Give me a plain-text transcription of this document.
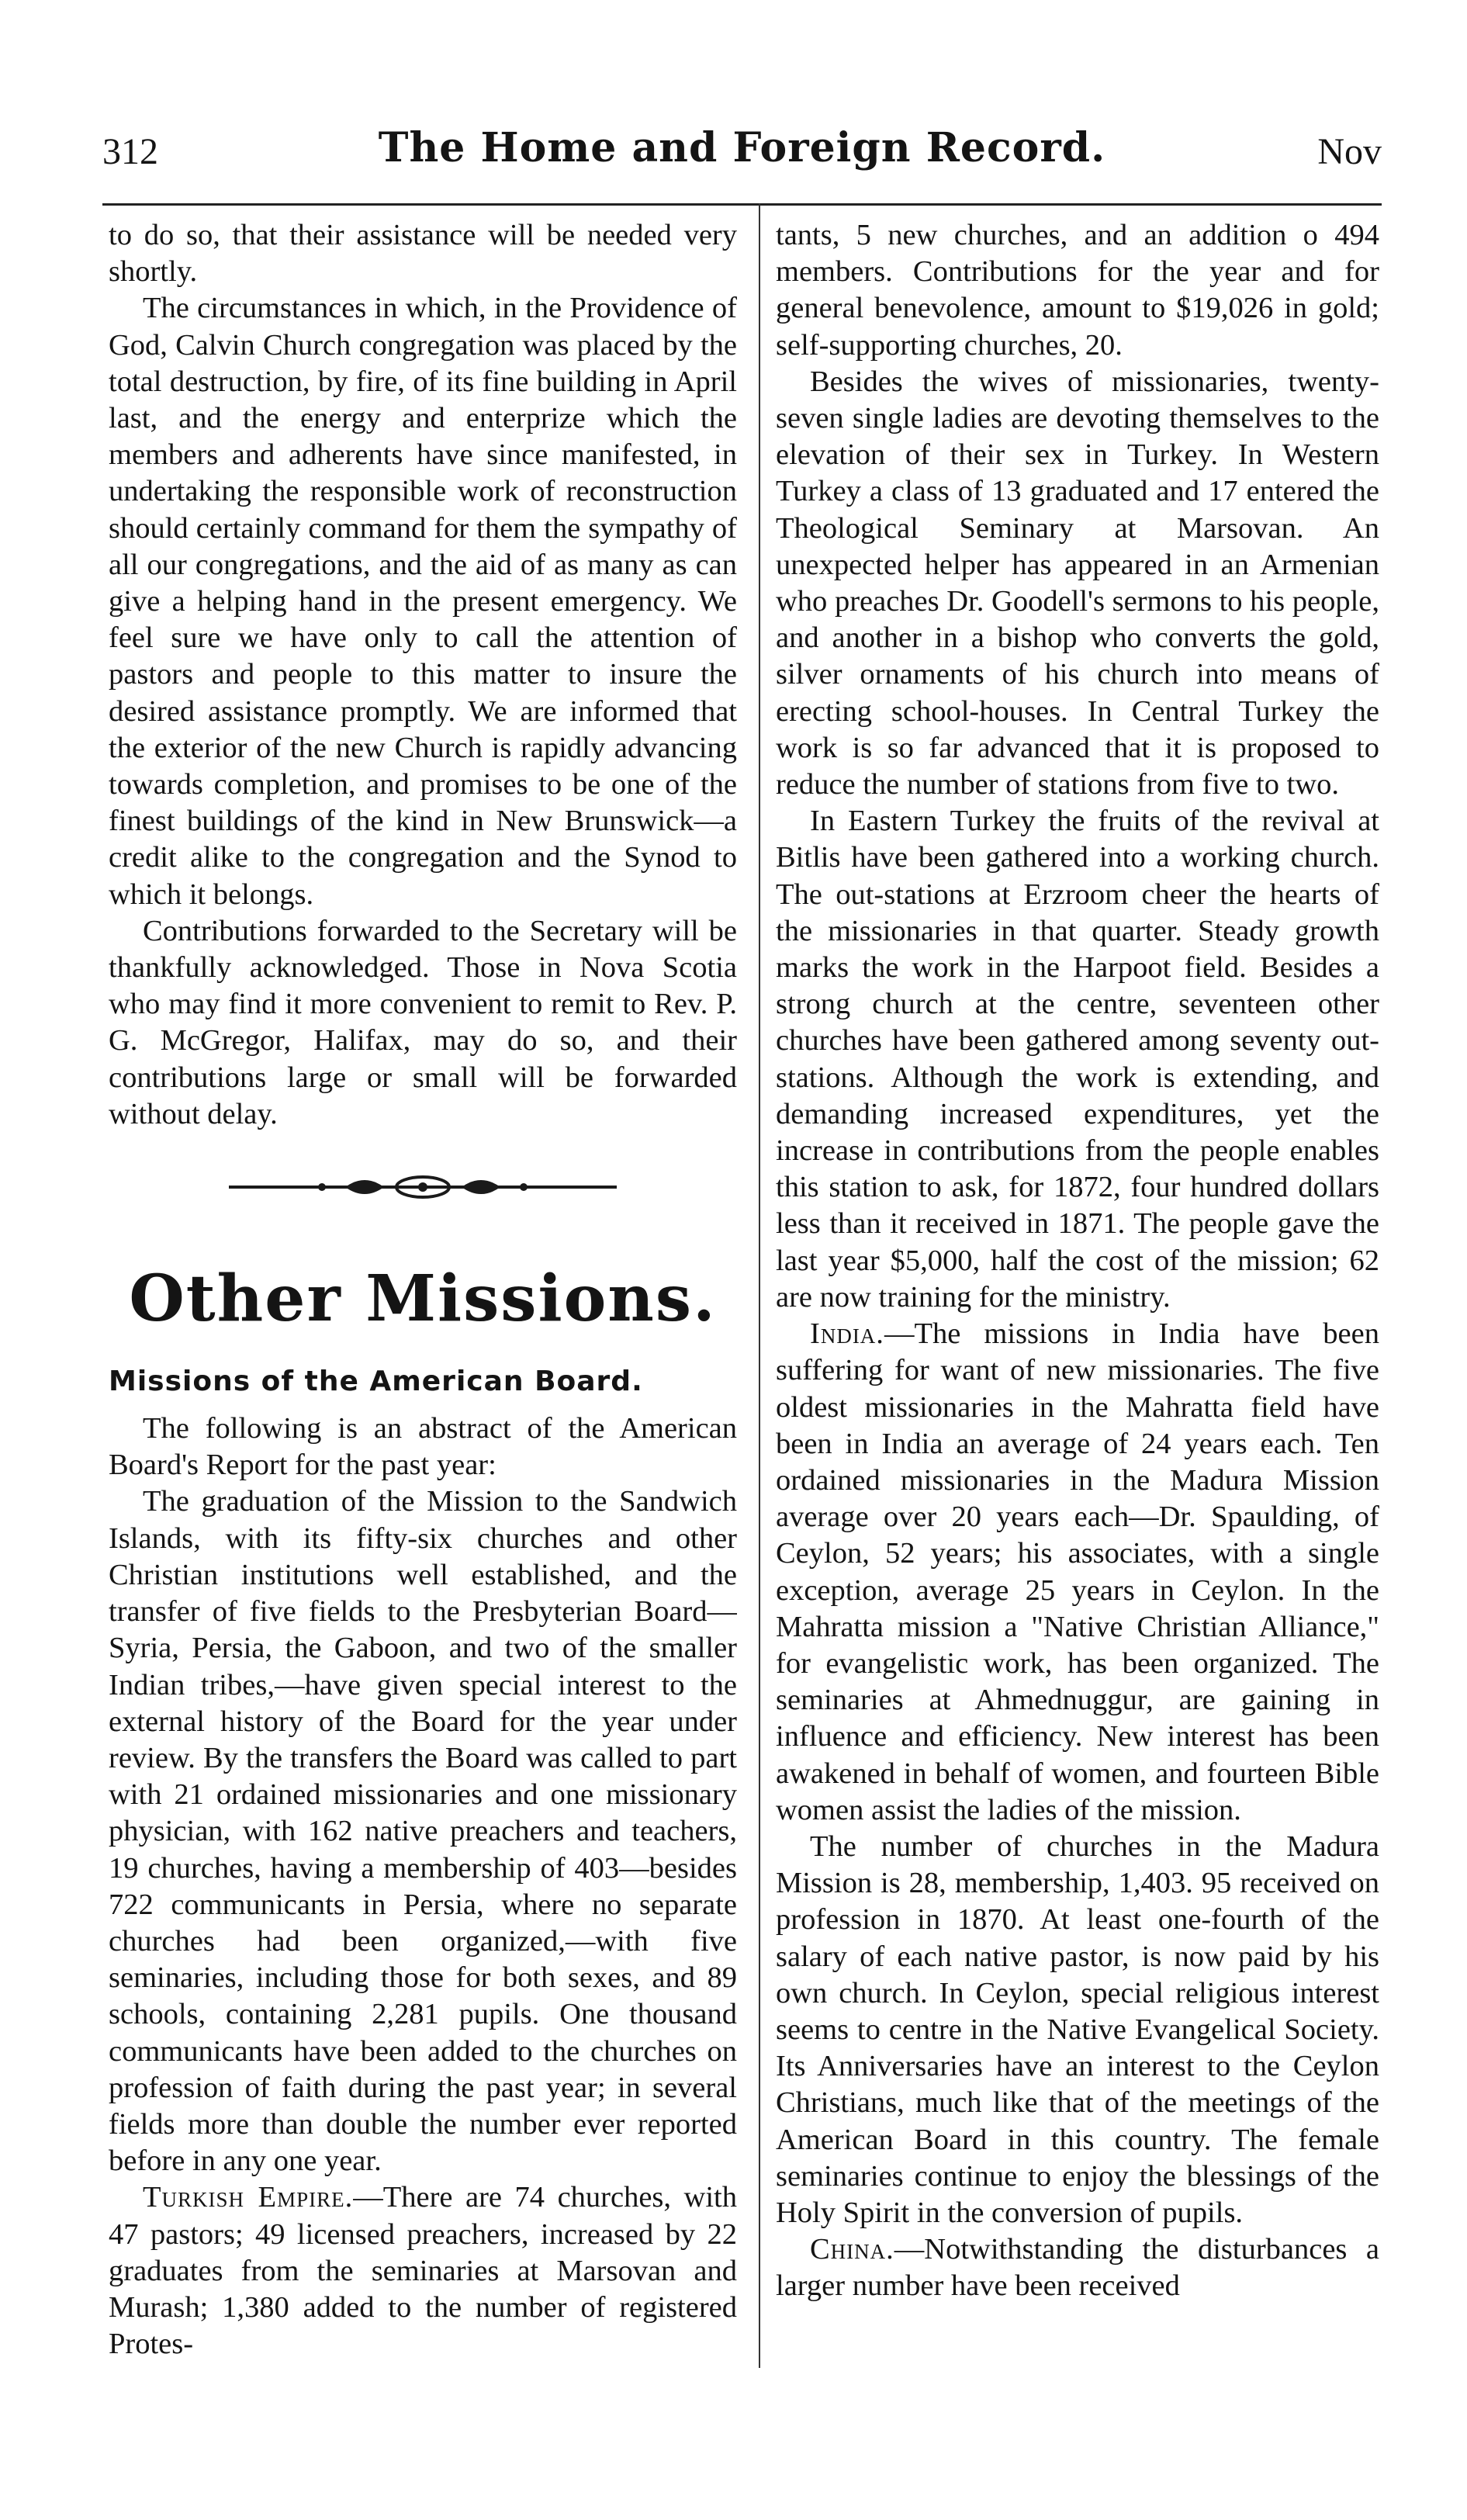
312	The Home and Foreign Record.	Nov

to do so, that their assistance will be needed very shortly.

The circumstances in which, in the Providence of God, Calvin Church congregation was placed by the total destruction, by fire, of its fine building in April last, and the energy and enterprize which the members and adherents have since manifested, in undertaking the responsible work of reconstruction should certainly command for them the sympathy of all our congregations, and the aid of as many as can give a helping hand in the present emergency. We feel sure we have only to call the attention of pastors and people to this matter to insure the desired assistance promptly. We are informed that the exterior of the new Church is rapidly advancing towards completion, and promises to be one of the finest buildings of the kind in New Brunswick—a credit alike to the congregation and the Synod to which it belongs.

Contributions forwarded to the Secretary will be thankfully acknowledged. Those in Nova Scotia who may find it more convenient to remit to Rev. P. G. McGregor, Halifax, may do so, and their contributions large or small will be forwarded without delay.

Other Missions.
Missions of the American Board.

The following is an abstract of the American Board's Report for the past year:

The graduation of the Mission to the Sandwich Islands, with its fifty-six churches and other Christian institutions well established, and the transfer of five fields to the Presbyterian Board—Syria, Persia, the Gaboon, and two of the smaller Indian tribes,—have given special interest to the external history of the Board for the year under review. By the transfers the Board was called to part with 21 ordained missionaries and one missionary physician, with 162 native preachers and teachers, 19 churches, having a membership of 403—besides 722 communicants in Persia, where no separate churches had been organized,—with five seminaries, including those for both sexes, and 89 schools, containing 2,281 pupils. One thousand communicants have been added to the churches on profession of faith during the past year; in several fields more than double the number ever reported before in any one year.

Turkish Empire.—There are 74 churches, with 47 pastors; 49 licensed preachers, increased by 22 graduates from the seminaries at Marsovan and Murash; 1,380 added to the number of registered Protes-

tants, 5 new churches, and an addition o 494 members. Contributions for the year and for general benevolence, amount to $19,026 in gold; self-supporting churches, 20.

Besides the wives of missionaries, twenty-seven single ladies are devoting themselves to the elevation of their sex in Turkey. In Western Turkey a class of 13 graduated and 17 entered the Theological Seminary at Marsovan. An unexpected helper has appeared in an Armenian who preaches Dr. Goodell's sermons to his people, and another in a bishop who converts the gold, silver ornaments of his church into means of erecting school-houses. In Central Turkey the work is so far advanced that it is proposed to reduce the number of stations from five to two.

In Eastern Turkey the fruits of the revival at Bitlis have been gathered into a working church. The out-stations at Erzroom cheer the hearts of the missionaries in that quarter. Steady growth marks the work in the Harpoot field. Besides a strong church at the centre, seventeen other churches have been gathered among seventy out-stations. Although the work is extending, and demanding increased expenditures, yet the increase in contributions from the people enables this station to ask, for 1872, four hundred dollars less than it received in 1871. The people gave the last year $5,000, half the cost of the mission; 62 are now training for the ministry.

India.—The missions in India have been suffering for want of new missionaries. The five oldest missionaries in the Mahratta field have been in India an average of 24 years each. Ten ordained missionaries in the Madura Mission average over 20 years each—Dr. Spaulding, of Ceylon, 52 years; his associates, with a single exception, average 25 years in Ceylon. In the Mahratta mission a "Native Christian Alliance," for evangelistic work, has been organized. The seminaries at Ahmednuggur, are gaining in influence and efficiency. New interest has been awakened in behalf of women, and fourteen Bible women assist the ladies of the mission.

The number of churches in the Madura Mission is 28, membership, 1,403. 95 received on profession in 1870. At least one-fourth of the salary of each native pastor, is now paid by his own church. In Ceylon, special religious interest seems to centre in the Native Evangelical Society. Its Anniversaries have an interest to the Ceylon Christians, much like that of the meetings of the American Board in this country. The female seminaries continue to enjoy the blessings of the Holy Spirit in the conversion of pupils.

China.—Notwithstanding the disturbances a larger number have been received
